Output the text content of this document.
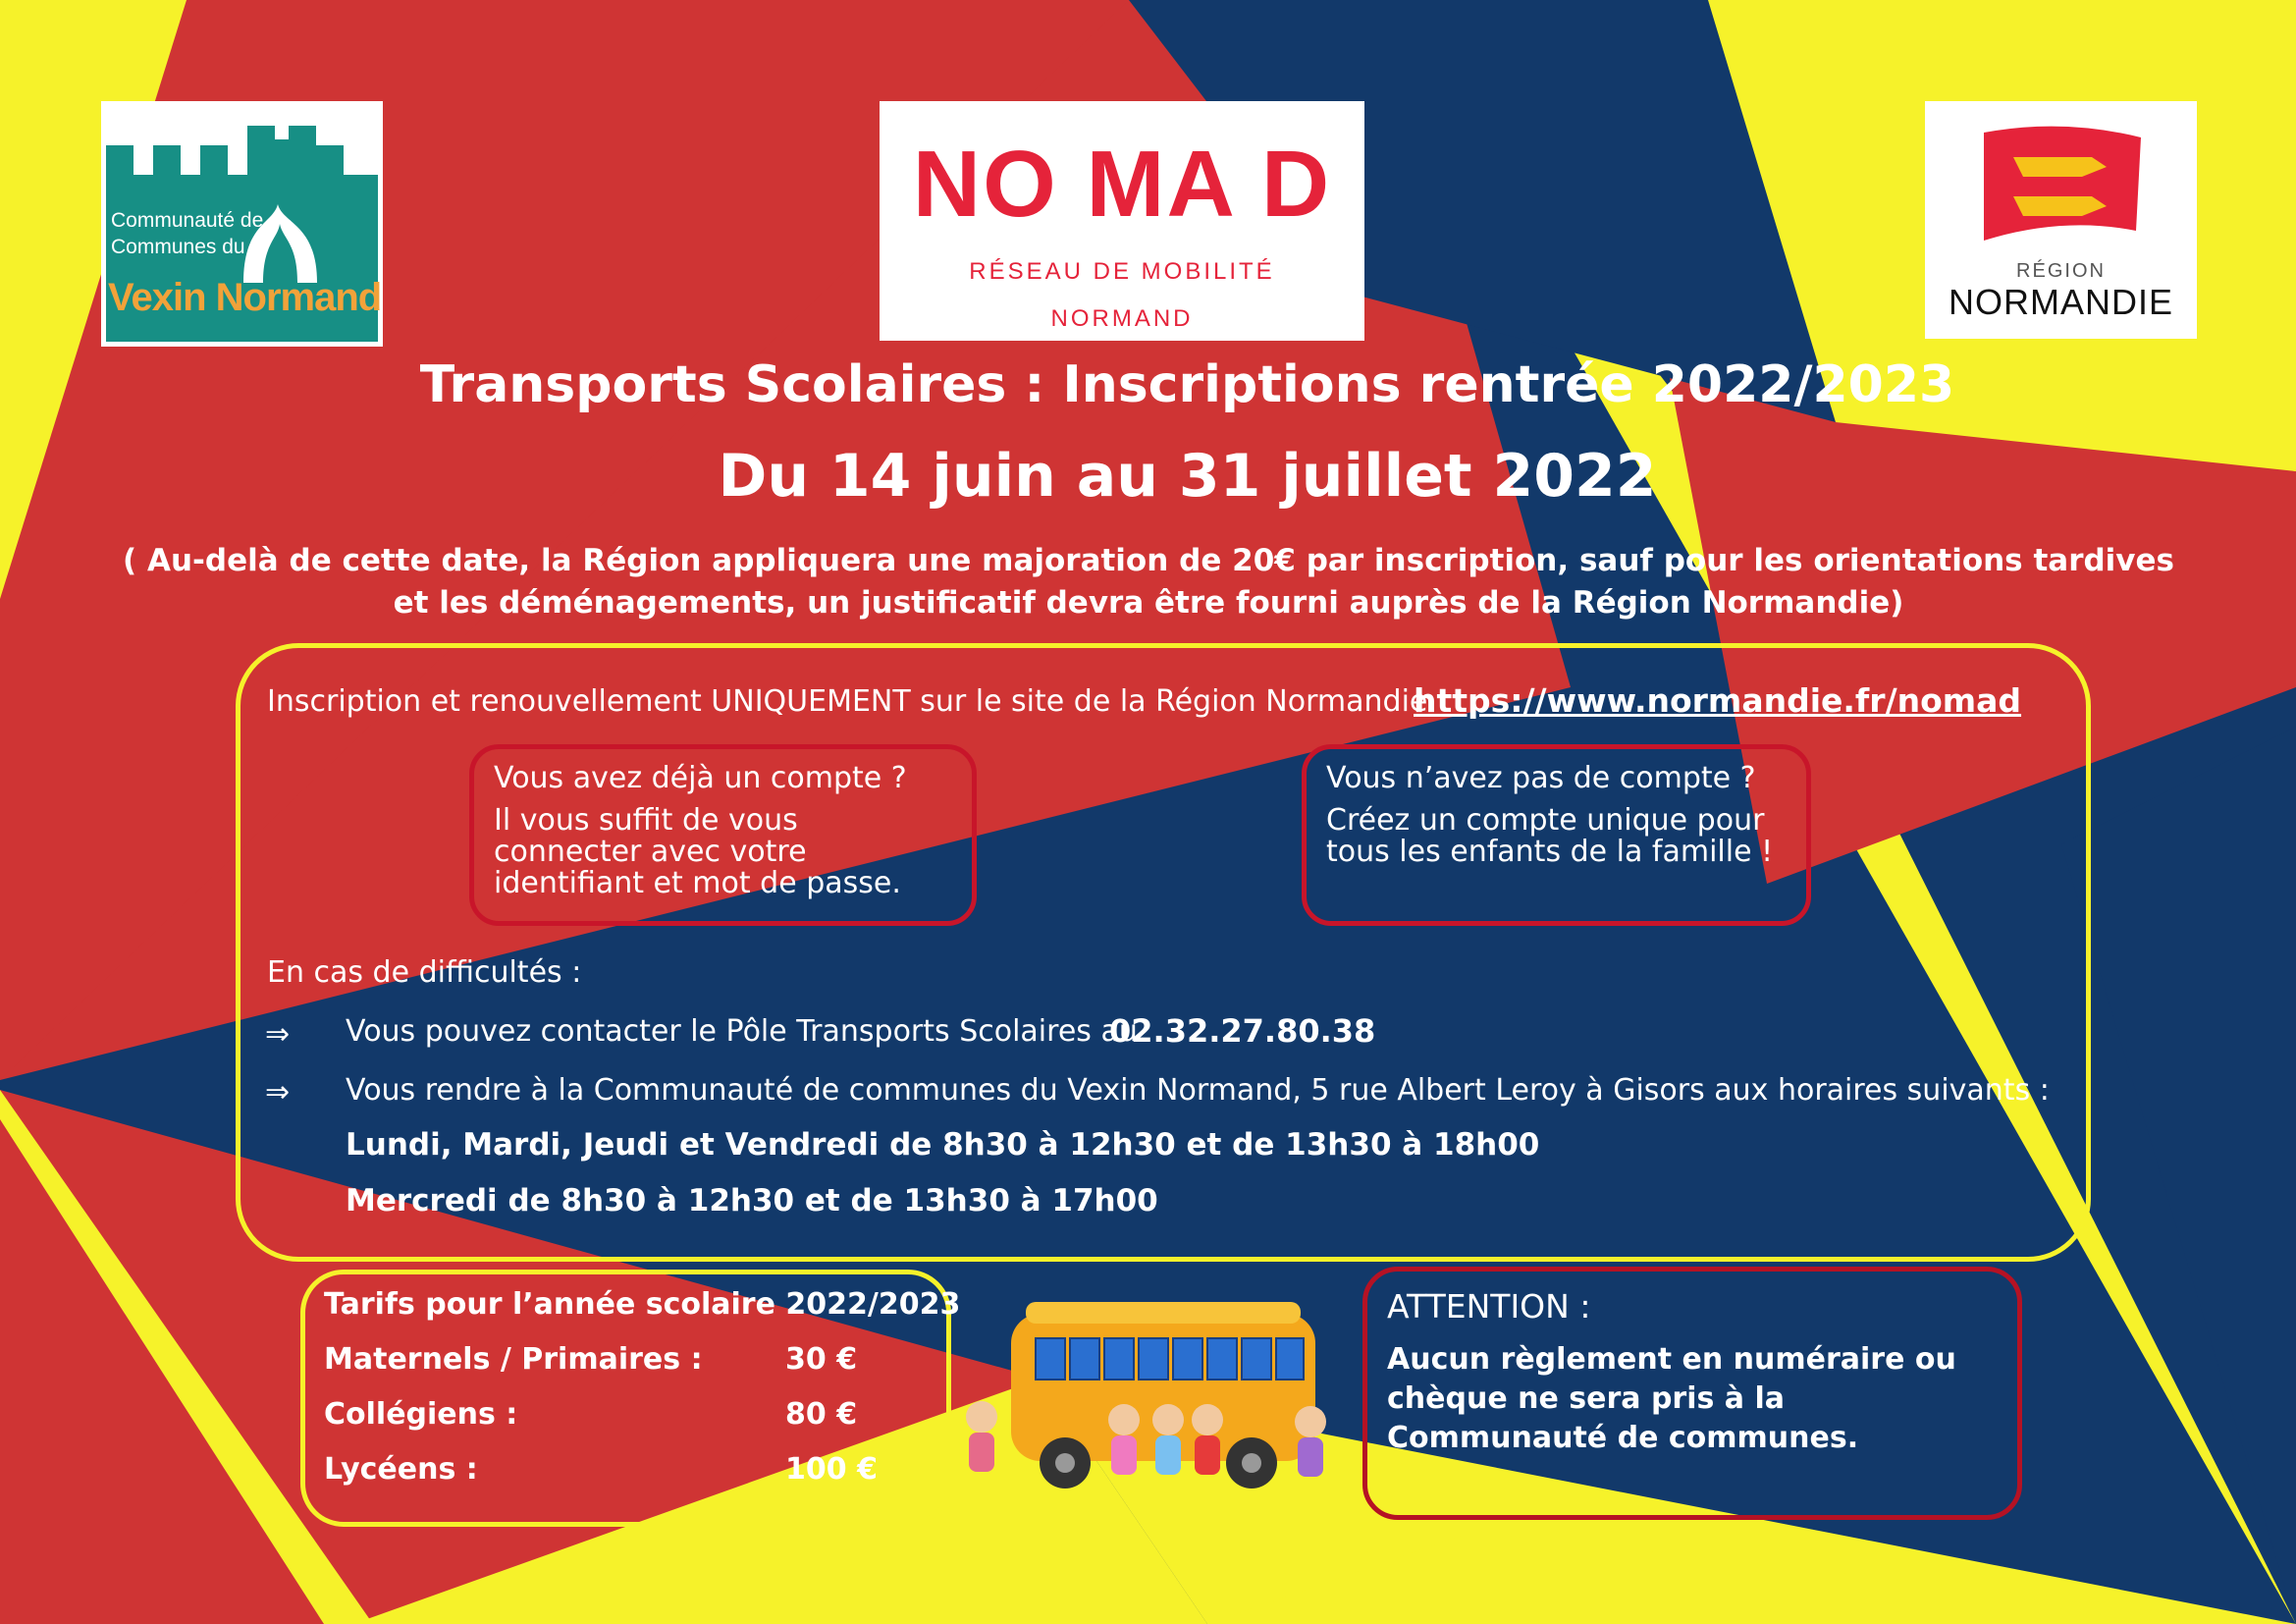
Communauté de
Communes du
Vexin Normand
NO MA D
RÉSEAU DE MOBILITÉ
NORMAND
RÉGION
NORMANDIE
Transports Scolaires : Inscriptions rentrée 2022/2023
Du 14 juin au 31 juillet 2022
( Au-delà de cette date, la Région appliquera une majoration de 20€ par inscription, sauf pour les orientations tardives et les déménagements, un justificatif devra être fourni auprès de la Région Normandie)
Inscription et renouvellement UNIQUEMENT sur le site de la Région Normandie
https://www.normandie.fr/nomad
Vous avez déjà un compte ?
Il vous suffit de vous connecter avec votre identifiant et mot de passe.
Vous n’avez pas de compte ?
Créez un compte unique pour tous les enfants de la famille !
En cas de difficultés :
⇒ Vous pouvez contacter le Pôle Transports Scolaires au
02.32.27.80.38
⇒ Vous rendre à la Communauté de communes du Vexin Normand, 5 rue Albert Leroy à Gisors aux horaires suivants :
Lundi, Mardi, Jeudi et Vendredi de 8h30 à 12h30 et de 13h30 à 18h00
Mercredi de 8h30 à 12h30 et de 13h30 à 17h00
Tarifs pour l’année scolaire 2022/2023
Maternels / Primaires :	30 €
Collégiens :	80 €
Lycéens :	100 €
ATTENTION :
Aucun règlement en numéraire ou chèque ne sera pris à la Communauté de communes.
